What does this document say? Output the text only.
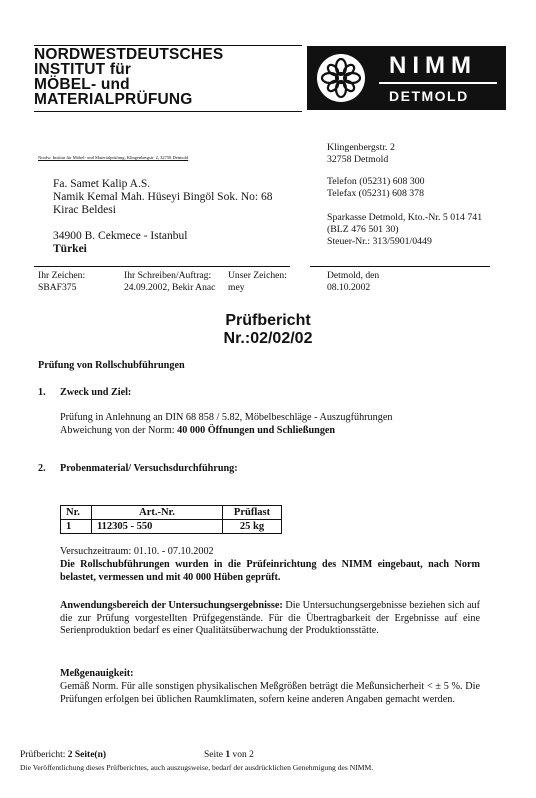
NORDWESTDEUTSCHES
INSTITUT für
MÖBEL- und
MATERIALPRÜFUNG
NIMM
DETMOLD
Nordw. Institut für Möbel- und Materialprüfung, Klingenbergstr. 2, 32758 Detmold
Fa. Samet Kalip A.S.
Namik Kemal Mah. Hüseyi Bingöl Sok. No: 68
Kirac Beldesi
34900 B. Cekmece - Istanbul
Türkei
Klingenbergstr. 2
32758 Detmold
Telefon (05231) 608 300
Telefax (05231) 608 378
Sparkasse Detmold, Kto.-Nr. 5 014 741
(BLZ 476 501 30)
Steuer-Nr.: 313/5901/0449
Ihr Zeichen:
SBAF375
Ihr Schreiben/Auftrag:
24.09.2002, Bekir Anac
Unser Zeichen:
mey
Detmold, den
08.10.2002
Prüfbericht
Nr.:02/02/02
Prüfung von Rollschubführungen
1. Zweck und Ziel:
Prüfung in Anlehnung an DIN 68 858 / 5.82, Möbelbeschläge - Auszugführungen
Abweichung von der Norm: 40 000 Öffnungen und Schließungen
2. Probenmaterial/ Versuchsdurchführung:
Nr.	Art.-Nr.	Prüflast
1	112305 - 550	25 kg
Versuchzeitraum: 01.10. - 07.10.2002
Die Rollschubführungen wurden in die Prüfeinrichtung des NIMM eingebaut, nach Norm belastet, vermessen und mit 40 000 Hüben geprüft.
Anwendungsbereich der Untersuchungsergebnisse: Die Untersuchungsergebnisse beziehen sich auf die zur Prüfung vorgestellten Prüfgegenstände. Für die Übertragbarkeit der Ergebnisse auf eine Serienproduktion bedarf es einer Qualitätsüberwachung der Produktionsstätte.
Meßgenauigkeit:
Gemäß Norm. Für alle sonstigen physikalischen Meßgrößen beträgt die Meßunsicherheit < ± 5 %. Die Prüfungen erfolgen bei üblichen Raumklimaten, sofern keine anderen Angaben gemacht werden.
Prüfbericht: 2 Seite(n)	Seite 1 von 2
Die Veröffentlichung dieses Prüfberichtes, auch auszugsweise, bedarf der ausdrücklichen Genehmigung des NIMM.
